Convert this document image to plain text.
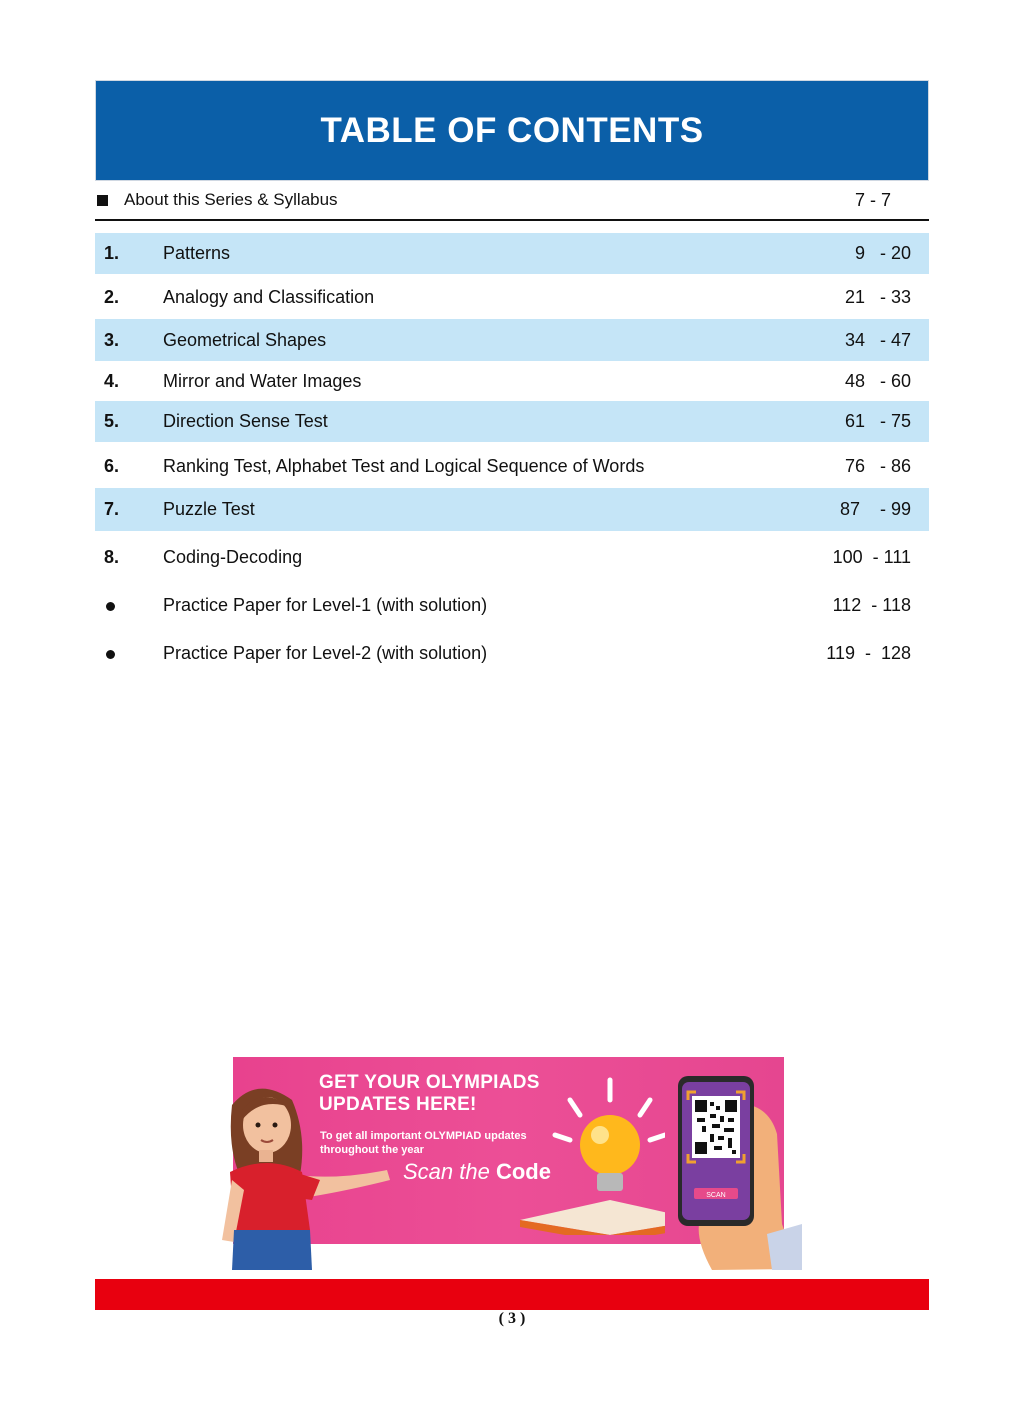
TABLE OF CONTENTS
About this Series & Syllabus	7 - 7
1.	Patterns	9   - 20
2.	Analogy and Classification	21   - 33
3.	Geometrical Shapes	34   - 47
4.	Mirror and Water Images	48   - 60
5.	Direction Sense Test	61   - 75
6.	Ranking Test, Alphabet Test and Logical Sequence of Words	76   - 86
7.	Puzzle Test	87    - 99
8.	Coding-Decoding	100  - 111
Practice Paper for Level-1 (with solution)	112  - 118
Practice Paper for Level-2 (with solution)	119  -  128
GET YOUR OLYMPIADS UPDATES HERE!
To get all important OLYMPIAD updates throughout the year
Scan the Code
SCAN
( 3 )
